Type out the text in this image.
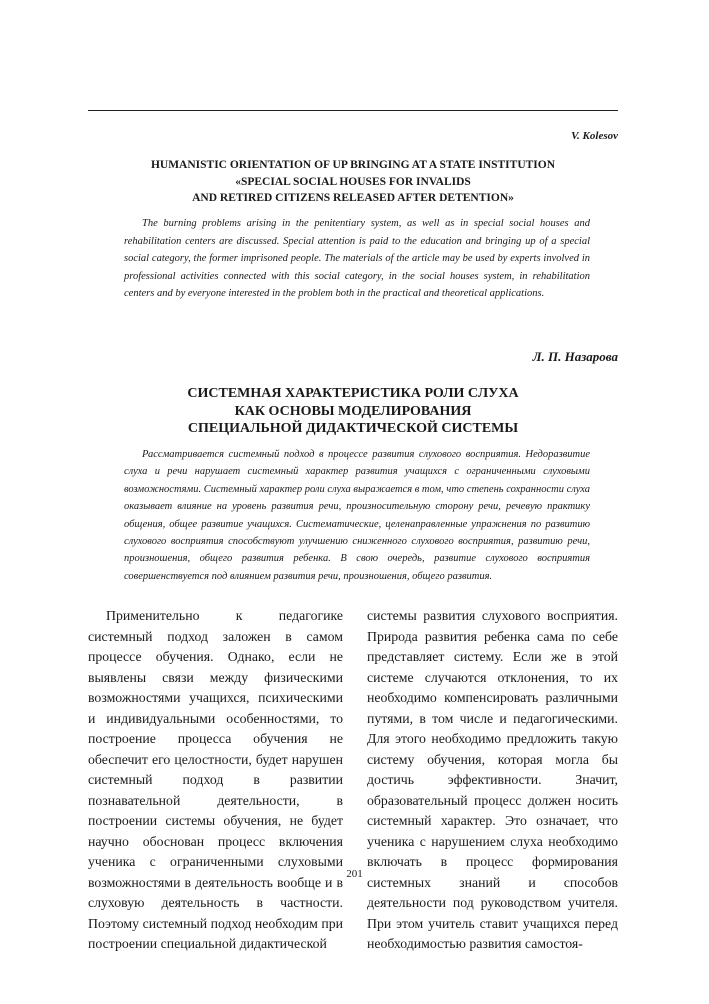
V. Kolesov
HUMANISTIC ORIENTATION OF UP BRINGING AT A STATE INSTITUTION
«SPECIAL SOCIAL HOUSES FOR INVALIDS
AND RETIRED CITIZENS RELEASED AFTER DETENTION»
The burning problems arising in the penitentiary system, as well as in special social houses and rehabilitation centers are discussed. Special attention is paid to the education and bringing up of a special social category, the former imprisoned people. The materials of the article may be used by experts involved in professional activities connected with this social category, in the social houses system, in rehabilitation centers and by everyone interested in the problem both in the practical and theoretical applications.
Л. П. Назарова
СИСТЕМНАЯ ХАРАКТЕРИСТИКА РОЛИ СЛУХА
КАК ОСНОВЫ МОДЕЛИРОВАНИЯ
СПЕЦИАЛЬНОЙ ДИДАКТИЧЕСКОЙ СИСТЕМЫ
Рассматривается системный подход в процессе развития слухового восприятия. Недоразвитие слуха и речи нарушает системный характер развития учащихся с ограниченными слуховыми возможностями. Системный характер роли слуха выражается в том, что степень сохранности слуха оказывает влияние на уровень развития речи, произносительную сторону речи, речевую практику общения, общее развитие учащихся. Систематические, целенаправленные упражнения по развитию слухового восприятия способствуют улучшению сниженного слухового восприятия, развитию речи, произношения, общего развития ребенка. В свою очередь, развитие слухового восприятия совершенствуется под влиянием развития речи, произношения, общего развития.
Применительно к педагогике системный подход заложен в самом процессе обучения. Однако, если не выявлены связи между физическими возможностями учащихся, психическими и индивидуальными особенностями, то построение процесса обучения не обеспечит его целостности, будет нарушен системный подход в развитии познавательной деятельности, в построении системы обучения, не будет научно обоснован процесс включения ученика с ограниченными слуховыми возможностями в деятельность вообще и в слуховую деятельность в частности. Поэтому системный подход необходим при построении специальной дидактической
системы развития слухового восприятия. Природа развития ребенка сама по себе представляет систему. Если же в этой системе случаются отклонения, то их необходимо компенсировать различными путями, в том числе и педагогическими. Для этого необходимо предложить такую систему обучения, которая могла бы достичь эффективности. Значит, образовательный процесс должен носить системный характер. Это означает, что ученика с нарушением слуха необходимо включать в процесс формирования системных знаний и способов деятельности под руководством учителя. При этом учитель ставит учащихся перед необходимостью развития самостоя-
201
